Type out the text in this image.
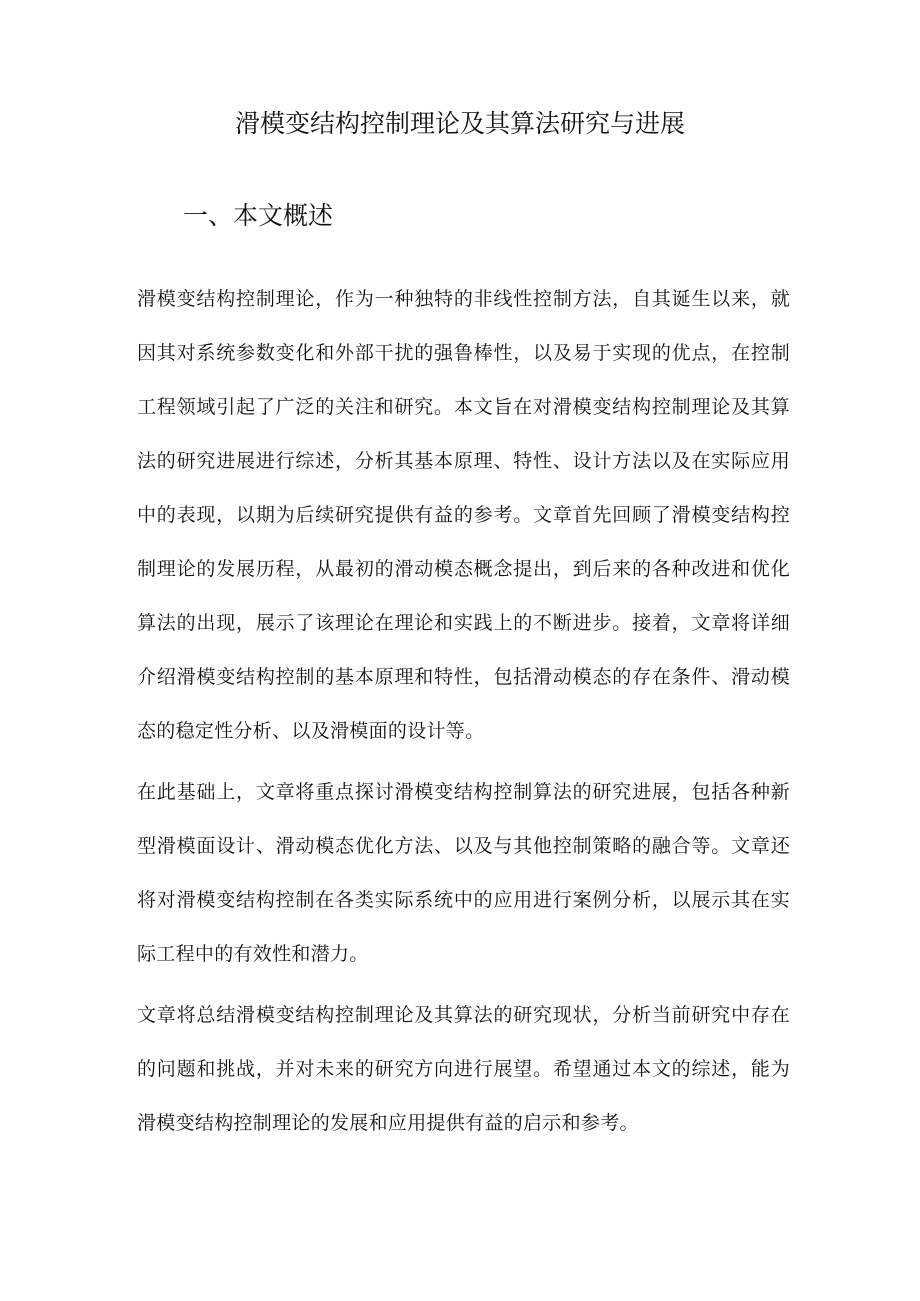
滑模变结构控制理论及其算法研究与进展
一、本文概述

滑模变结构控制理论，作为一种独特的非线性控制方法，自其诞生以来，就
因其对系统参数变化和外部干扰的强鲁棒性，以及易于实现的优点，在控制
工程领域引起了广泛的关注和研究。本文旨在对滑模变结构控制理论及其算
法的研究进展进行综述，分析其基本原理、特性、设计方法以及在实际应用
中的表现，以期为后续研究提供有益的参考。文章首先回顾了滑模变结构控
制理论的发展历程，从最初的滑动模态概念提出，到后来的各种改进和优化
算法的出现，展示了该理论在理论和实践上的不断进步。接着，文章将详细
介绍滑模变结构控制的基本原理和特性，包括滑动模态的存在条件、滑动模
态的稳定性分析、以及滑模面的设计等。

在此基础上，文章将重点探讨滑模变结构控制算法的研究进展，包括各种新
型滑模面设计、滑动模态优化方法、以及与其他控制策略的融合等。文章还
将对滑模变结构控制在各类实际系统中的应用进行案例分析，以展示其在实
际工程中的有效性和潜力。

文章将总结滑模变结构控制理论及其算法的研究现状，分析当前研究中存在
的问题和挑战，并对未来的研究方向进行展望。希望通过本文的综述，能为
滑模变结构控制理论的发展和应用提供有益的启示和参考。
